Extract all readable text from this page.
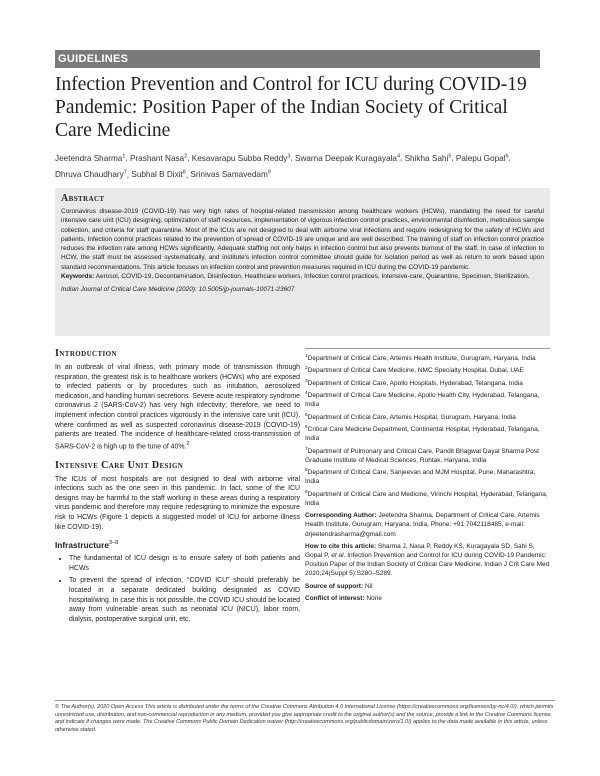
GUIDELINES
Infection Prevention and Control for ICU during COVID-19
Pandemic: Position Paper of the Indian Society of Critical
Care Medicine
Jeetendra Sharma$^1$, Prashant Nasa$^2$, Kesavarapu Subba Reddy$^3$, Swarna Deepak Kuragayala$^4$, Shikha Sahi$^5$, Palepu Gopal$^6$,
Dhruva Chaudhary$^7$, Subhal B Dixit$^8$, Srinivas Samavedam$^9$

Abstract

Coronavirus disease-2019 (COVID-19) has very high rates of hospital-related transmission among healthcare workers (HCWs), mandating the need for careful intensive care unit (ICU) designing, optimization of staff resources, implementation of vigorous infection control practices, environmental disinfection, meticulous sample collection, and criteria for staff quarantine. Most of the ICUs are not designed to deal with airborne viral infections and require redesigning for the safety of HCWs and patients. Infection control practices related to the prevention of spread of COVID-19 are unique and are well described. The training of staff on infection control practice reduces the infection rate among HCWs significantly. Adequate staffing not only helps in infection control but also prevents burnout of the staff. In case of infection to HCW, the staff must be assessed systematically, and institute's infection control committee should guide for isolation period as well as return to work based upon standard recommendations. This article focuses on infection control and prevention measures required in ICU during the COVID-19 pandemic.

Keywords: Aerosol, COVID-19, Decontamination, Disinfection, Healthcare workers, Infection control practices, Intensive-care, Quarantine, Specimen, Sterilization.

Indian Journal of Critical Care Medicine (2020): 10.5005/jp-journals-10071-23607

Introduction

In an outbreak of viral illness, with primary mode of transmission through respiration, the greatest risk is to healthcare workers (HCWs) who are exposed to infected patients or by procedures such as intubation, aerosolized medication, and handling human secretions. Severe acute respiratory syndrome coronavirus 2 (SARS-CoV-2) has very high infectivity; therefore, we need to implement infection control practices vigorously in the intensive care unit (ICU), where confirmed as well as suspected coronavirus disease-2019 (COVID-19) patients are treated. The incidence of healthcare-related cross-transmission of SARS-CoV-2 is high up to the tune of 40%.$^2$

Intensive Care Unit Design

The ICUs of most hospitals are not designed to deal with airborne viral infections such as the one seen in this pandemic. In fact, some of the ICU designs may be harmful to the staff working in these areas during a respiratory virus pandemic and therefore may require redesigning to minimize the exposure risk to HCWs (Figure 1 depicts a suggested model of ICU for airborne illness like COVID-19).

Infrastructure$^{3-8}$

• The fundamental of ICU design is to ensure safety of both patients and HCWs
• To prevent the spread of infection, “COVID ICU” should preferably be located in a separate dedicated building designated as COVID hospital/wing. In case this is not possible, the COVID ICU should be located away from vulnerable areas such as neonatal ICU (NICU), labor room, dialysis, postoperative surgical unit, etc.

$^1$Department of Critical Care, Artemis Health Institute, Gurugram, Haryana, India

$^2$Department of Critical Care Medicine, NMC Specialty Hospital, Dubai, UAE

$^3$Department of Critical Care, Apollo Hospitals, Hyderabad, Telangana, India

$^4$Department of Critical Care Medicine, Apollo Health City, Hyderabad, Telangana, India

$^5$Department of Critical Care, Artemis Hospital, Gurugram, Haryana, India

$^6$Critical Care Medicine Department, Continental Hospital, Hyderabad, Telangana, India

$^7$Department of Pulmonary and Critical Care, Pandit Bhagwat Dayal Sharma Post Graduate Institute of Medical Sciences, Rohtak, Haryana, India

$^8$Department of Critical Care, Sanjeevan and MJM Hospital, Pune, Maharashtra, India

$^9$Department of Critical Care and Medicine, Virinchi Hospital, Hyderabad, Telangana, India

Corresponding Author: Jeetendra Sharma, Department of Critical Care, Artemis Health Institute, Gurugram, Haryana, India, Phone: +91 7042118485, e-mail: drjeetendrasharma@gmail.com

How to cite this article: Sharma J, Nasa P, Reddy KS, Kuragayala SD, Sahi S, Gopal P, et al. Infection Prevention and Control for ICU during COVID-19 Pandemic: Position Paper of the Indian Society of Critical Care Medicine. Indian J Crit Care Med 2020;24(Suppl 5):S280–S289.

Source of support: Nil

Conflict of interest: None

© The Author(s). 2020 Open Access This article is distributed under the terms of the Creative Commons Attribution 4.0 International License (https://creativecommons.org/licenses/by-nc/4.0/), which permits unrestricted use, distribution, and non-commercial reproduction in any medium, provided you give appropriate credit to the original author(s) and the source, provide a link to the Creative Commons license, and indicate if changes were made. The Creative Commons Public Domain Dedication waiver (http://creativecommons.org/publicdomain/zero/1.0/) applies to the data made available in this article, unless otherwise stated.
